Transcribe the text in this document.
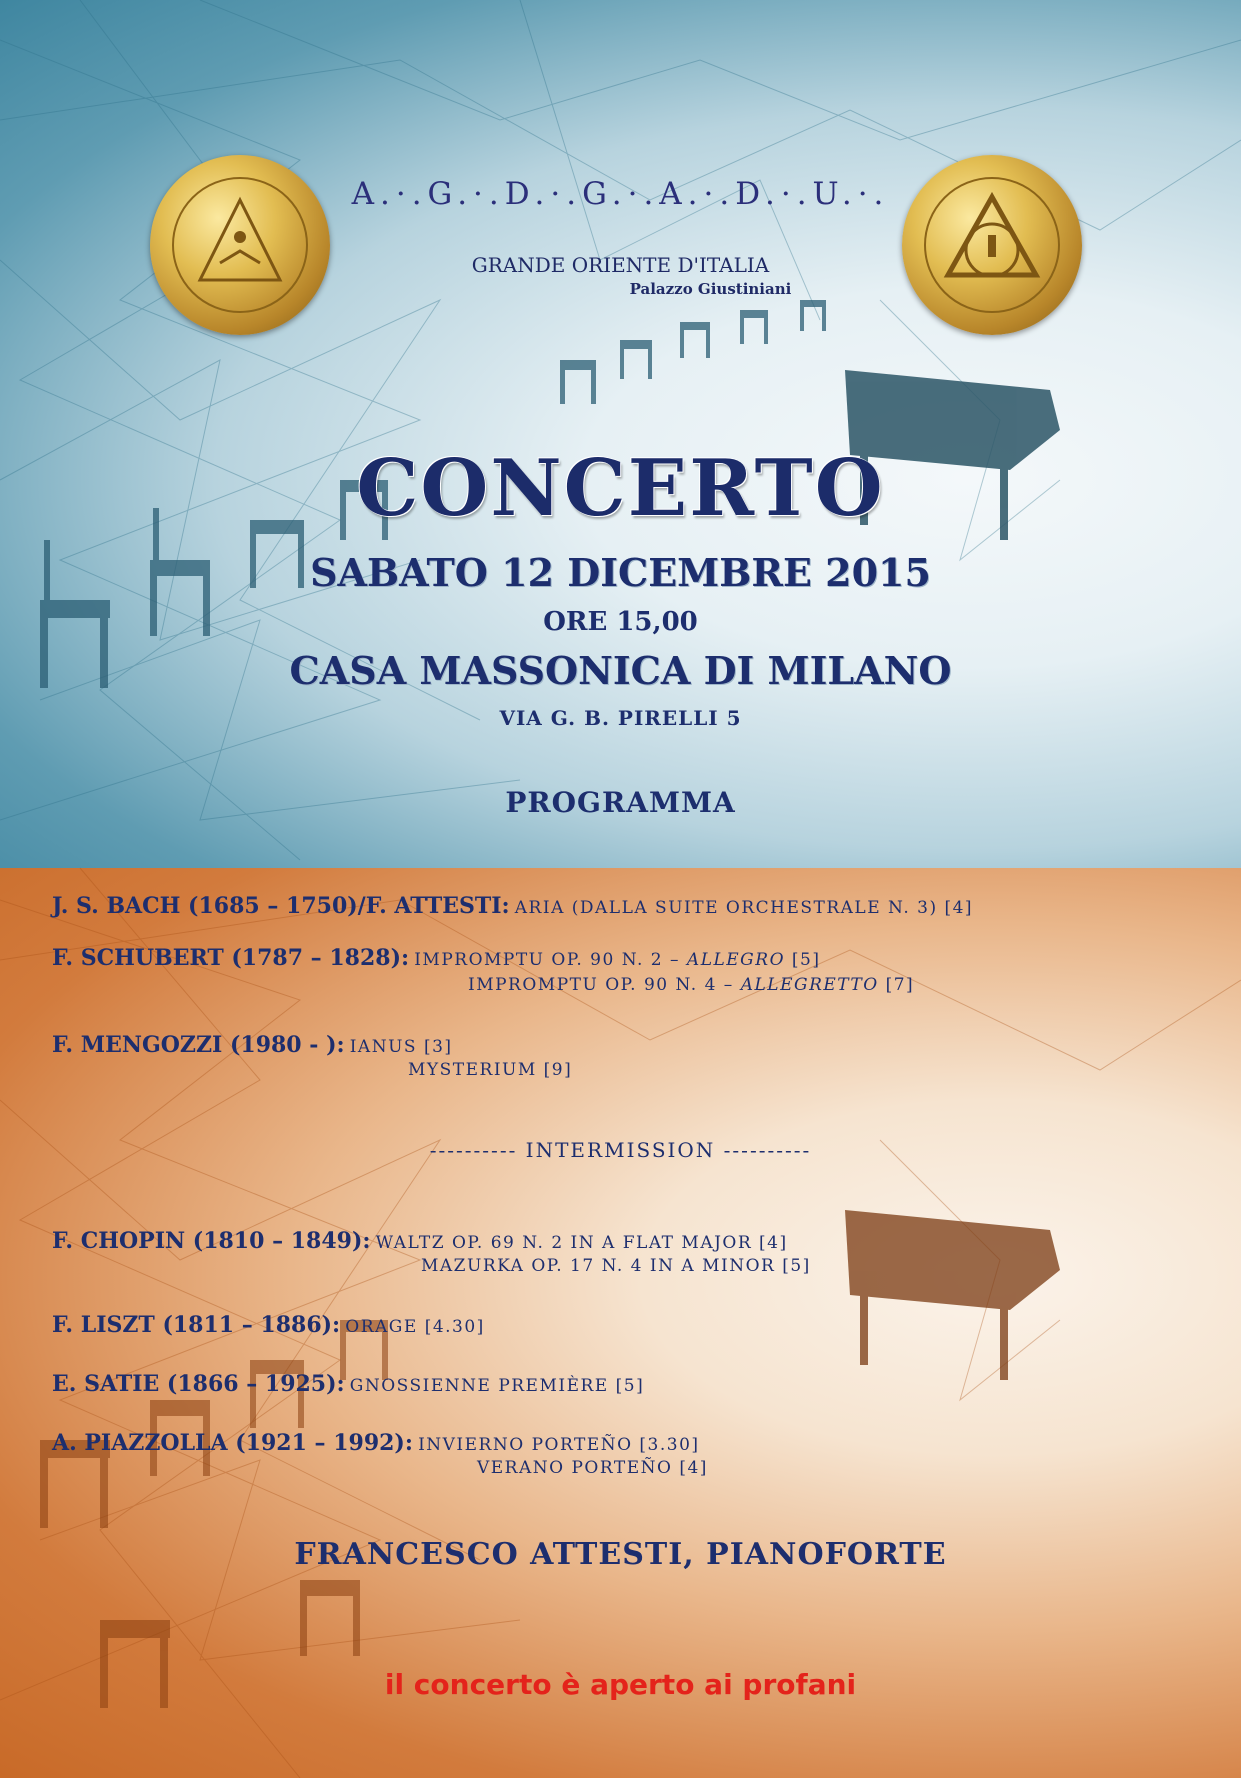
A.·.G.·.D.·.G.·.A.·.D.·.U.·.
GRANDE ORIENTE D'ITALIA
Palazzo Giustiniani
CONCERTO
SABATO 12 DICEMBRE 2015
ORE 15,00
CASA MASSONICA DI MILANO
VIA G. B. PIRELLI 5
PROGRAMMA
J. S. BACH (1685 – 1750)/F. ATTESTI: ARIA (DALLA SUITE ORCHESTRALE N. 3) [4]
F. SCHUBERT (1787 – 1828): IMPROMPTU OP. 90 N. 2 – ALLEGRO [5]
IMPROMPTU OP. 90 N. 4 – ALLEGRETTO [7]
F. MENGOZZI (1980 - ): IANUS [3]
MYSTERIUM [9]
---------- INTERMISSION ----------
F. CHOPIN (1810 – 1849): WALTZ OP. 69 N. 2 IN A FLAT MAJOR [4]
MAZURKA OP. 17 N. 4 IN A MINOR [5]
F. LISZT (1811 – 1886): ORAGE [4.30]
E. SATIE (1866 – 1925): GNOSSIENNE PREMIÈRE [5]
A. PIAZZOLLA (1921 – 1992): INVIERNO PORTEÑO [3.30]
VERANO PORTEÑO [4]
FRANCESCO ATTESTI, PIANOFORTE
il concerto è aperto ai profani
